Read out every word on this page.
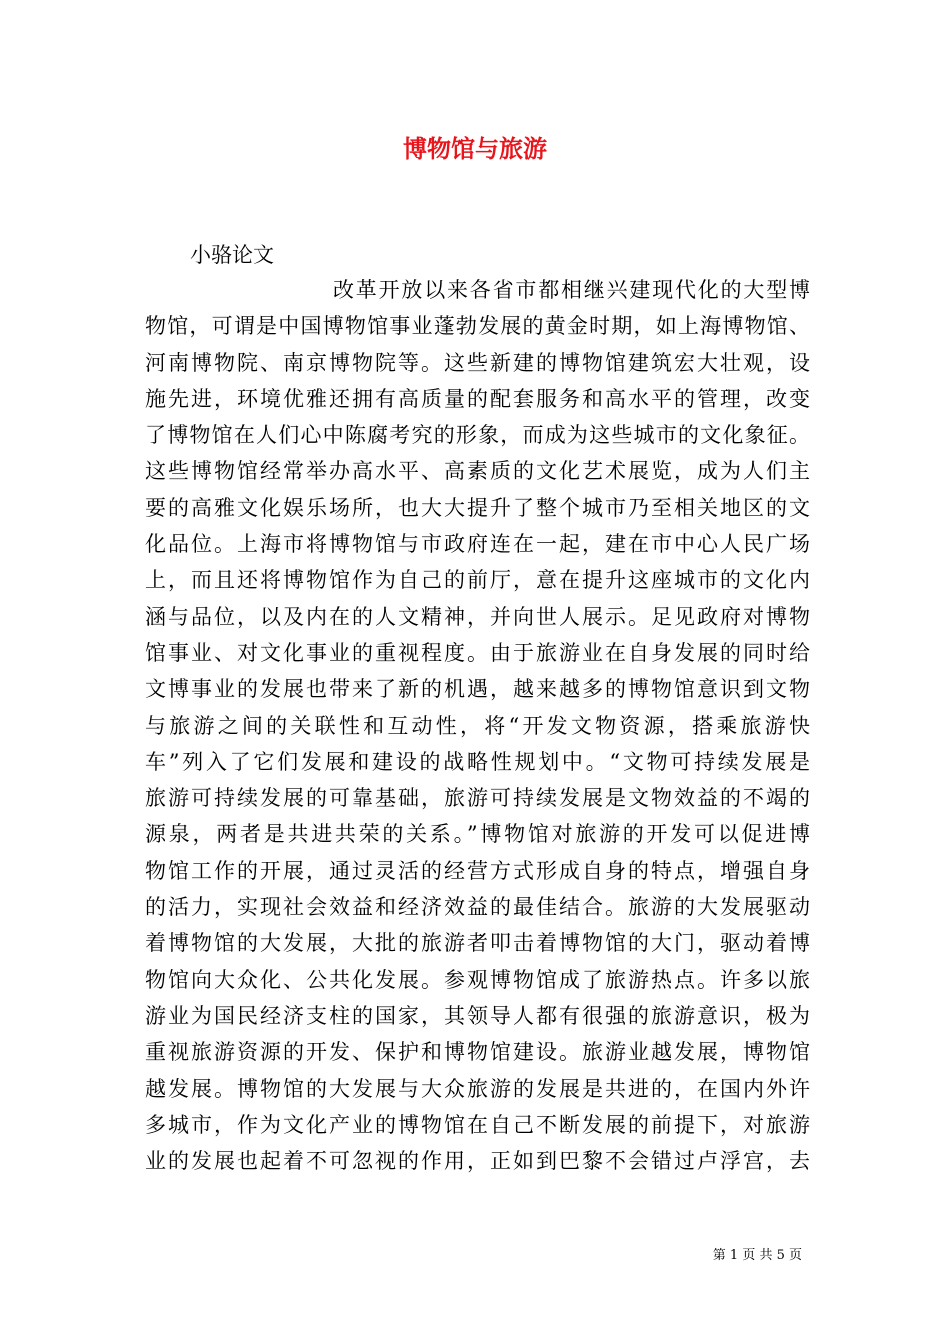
博物馆与旅游

小骆论文

改革开放以来各省市都相继兴建现代化的大型博
物馆，可谓是中国博物馆事业蓬勃发展的黄金时期，如上海博物馆、
河南博物院、南京博物院等。这些新建的博物馆建筑宏大壮观，设
施先进，环境优雅还拥有高质量的配套服务和高水平的管理，改变
了博物馆在人们心中陈腐考究的形象，而成为这些城市的文化象征。
这些博物馆经常举办高水平、高素质的文化艺术展览，成为人们主
要的高雅文化娱乐场所，也大大提升了整个城市乃至相关地区的文
化品位。上海市将博物馆与市政府连在一起，建在市中心人民广场
上，而且还将博物馆作为自己的前厅，意在提升这座城市的文化内
涵与品位，以及内在的人文精神，并向世人展示。足见政府对博物
馆事业、对文化事业的重视程度。由于旅游业在自身发展的同时给
文博事业的发展也带来了新的机遇，越来越多的博物馆意识到文物
与旅游之间的关联性和互动性，将“开发文物资源，搭乘旅游快
车”列入了它们发展和建设的战略性规划中。“文物可持续发展是
旅游可持续发展的可靠基础，旅游可持续发展是文物效益的不竭的
源泉，两者是共进共荣的关系。”博物馆对旅游的开发可以促进博
物馆工作的开展，通过灵活的经营方式形成自身的特点，增强自身
的活力，实现社会效益和经济效益的最佳结合。旅游的大发展驱动
着博物馆的大发展，大批的旅游者叩击着博物馆的大门，驱动着博
物馆向大众化、公共化发展。参观博物馆成了旅游热点。许多以旅
游业为国民经济支柱的国家，其领导人都有很强的旅游意识，极为
重视旅游资源的开发、保护和博物馆建设。旅游业越发展，博物馆
越发展。博物馆的大发展与大众旅游的发展是共进的，在国内外许
多城市，作为文化产业的博物馆在自己不断发展的前提下，对旅游
业的发展也起着不可忽视的作用，正如到巴黎不会错过卢浮宫，去

第 1 页 共 5 页
